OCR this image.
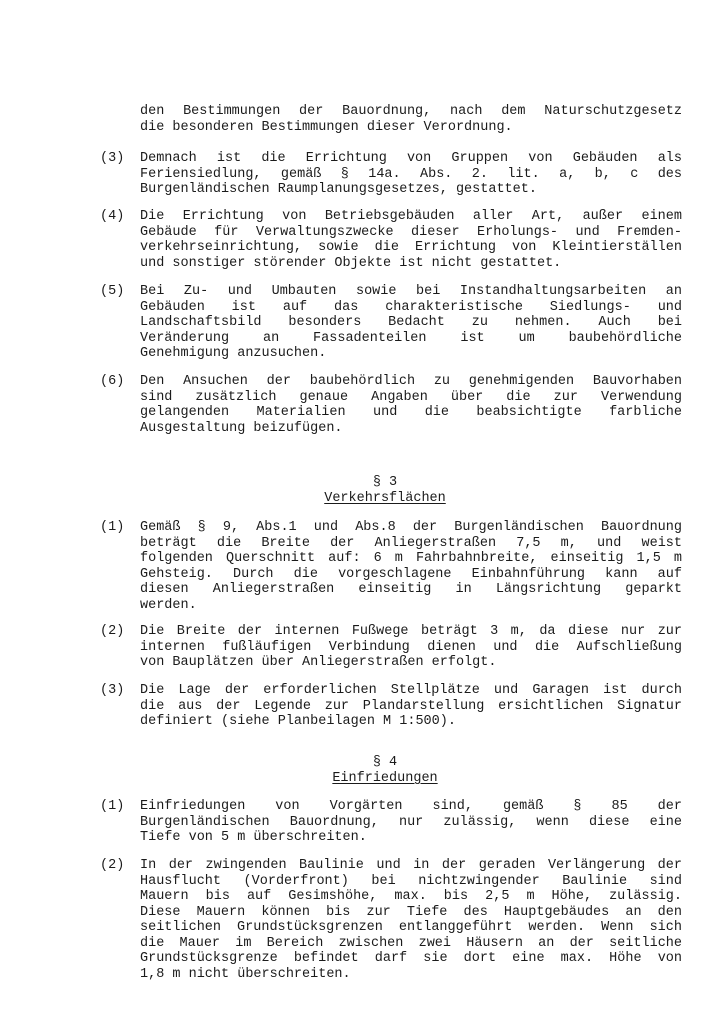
den Bestimmungen der Bauordnung, nach dem Naturschutzgesetz
die besonderen Bestimmungen dieser Verordnung.
(3) Demnach ist die Errichtung von Gruppen von Gebäuden als
Feriensiedlung, gemäß § 14a. Abs. 2. lit. a, b, c des
Burgenländischen Raumplanungsgesetzes, gestattet.
(4) Die Errichtung von Betriebsgebäuden aller Art, außer einem
Gebäude für Verwaltungszwecke dieser Erholungs- und Fremden-
verkehrseinrichtung, sowie die Errichtung von Kleintierställen
und sonstiger störender Objekte ist nicht gestattet.
(5) Bei Zu- und Umbauten sowie bei Instandhaltungsarbeiten an
Gebäuden ist auf das charakteristische Siedlungs- und
Landschaftsbild besonders Bedacht zu nehmen. Auch bei
Veränderung an Fassadenteilen ist um baubehördliche
Genehmigung anzusuchen.
(6) Den Ansuchen der baubehördlich zu genehmigenden Bauvorhaben
sind zusätzlich genaue Angaben über die zur Verwendung
gelangenden Materialien und die beabsichtigte farbliche
Ausgestaltung beizufügen.
§ 3
Verkehrsflächen
(1) Gemäß § 9, Abs.1 und Abs.8 der Burgenländischen Bauordnung
beträgt die Breite der Anliegerstraßen 7,5 m, und weist
folgenden Querschnitt auf: 6 m Fahrbahnbreite, einseitig 1,5 m
Gehsteig. Durch die vorgeschlagene Einbahnführung kann auf
diesen Anliegerstraßen einseitig in Längsrichtung geparkt
werden.
(2) Die Breite der internen Fußwege beträgt 3 m, da diese nur zur
internen fußläufigen Verbindung dienen und die Aufschließung
von Bauplätzen über Anliegerstraßen erfolgt.
(3) Die Lage der erforderlichen Stellplätze und Garagen ist durch
die aus der Legende zur Plandarstellung ersichtlichen Signatur
definiert (siehe Planbeilagen M 1:500).
§ 4
Einfriedungen
(1) Einfriedungen von Vorgärten sind, gemäß § 85 der
Burgenländischen Bauordnung, nur zulässig, wenn diese eine
Tiefe von 5 m überschreiten.
(2) In der zwingenden Baulinie und in der geraden Verlängerung der
Hausflucht (Vorderfront) bei nichtzwingender Baulinie sind
Mauern bis auf Gesimshöhe, max. bis 2,5 m Höhe, zulässig.
Diese Mauern können bis zur Tiefe des Hauptgebäudes an den
seitlichen Grundstücksgrenzen entlanggeführt werden. Wenn sich
die Mauer im Bereich zwischen zwei Häusern an der seitliche
Grundstücksgrenze befindet darf sie dort eine max. Höhe von
1,8 m nicht überschreiten.
